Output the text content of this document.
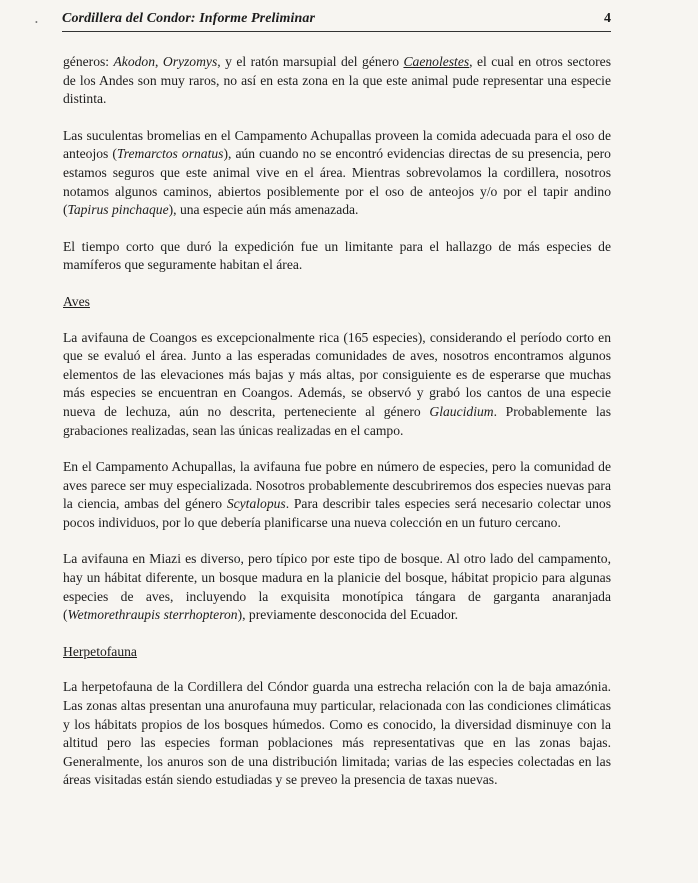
• Cordillera del Condor: Informe Preliminar	4

géneros: Akodon, Oryzomys, y el ratón marsupial del género Caenolestes, el cual en otros sectores de los Andes son muy raros, no así en esta zona en la que este animal pude representar una especie distinta.

Las suculentas bromelias en el Campamento Achupallas proveen la comida adecuada para el oso de anteojos (Tremarctos ornatus), aún cuando no se encontró evidencias directas de su presencia, pero estamos seguros que este animal vive en el área. Mientras sobrevolamos la cordillera, nosotros notamos algunos caminos, abiertos posiblemente por el oso de anteojos y/o por el tapir andino (Tapirus pinchaque), una especie aún más amenazada.

El tiempo corto que duró la expedición fue un limitante para el hallazgo de más especies de mamíferos que seguramente habitan el área.

Aves

La avifauna de Coangos es excepcionalmente rica (165 especies), considerando el período corto en que se evaluó el área. Junto a las esperadas comunidades de aves, nosotros encontramos algunos elementos de las elevaciones más bajas y más altas, por consiguiente es de esperarse que muchas más especies se encuentran en Coangos. Además, se observó y grabó los cantos de una especie nueva de lechuza, aún no descrita, perteneciente al género Glaucidium. Probablemente las grabaciones realizadas, sean las únicas realizadas en el campo.

En el Campamento Achupallas, la avifauna fue pobre en número de especies, pero la comunidad de aves parece ser muy especializada. Nosotros probablemente descubriremos dos especies nuevas para la ciencia, ambas del género Scytalopus. Para describir tales especies será necesario colectar unos pocos individuos, por lo que debería planificarse una nueva colección en un futuro cercano.

La avifauna en Miazi es diverso, pero típico por este tipo de bosque. Al otro lado del campamento, hay un hábitat diferente, un bosque madura en la planicie del bosque, hábitat propicio para algunas especies de aves, incluyendo la exquisita monotípica tángara de garganta anaranjada (Wetmorethraupis sterrhopteron), previamente desconocida del Ecuador.

Herpetofauna

La herpetofauna de la Cordillera del Cóndor guarda una estrecha relación con la de baja amazónia. Las zonas altas presentan una anurofauna muy particular, relacionada con las condiciones climáticas y los hábitats propios de los bosques húmedos. Como es conocido, la diversidad disminuye con la altitud pero las especies forman poblaciones más representativas que en las zonas bajas. Generalmente, los anuros son de una distribución limitada; varias de las especies colectadas en las áreas visitadas están siendo estudiadas y se preveo la presencia de taxas nuevas.
